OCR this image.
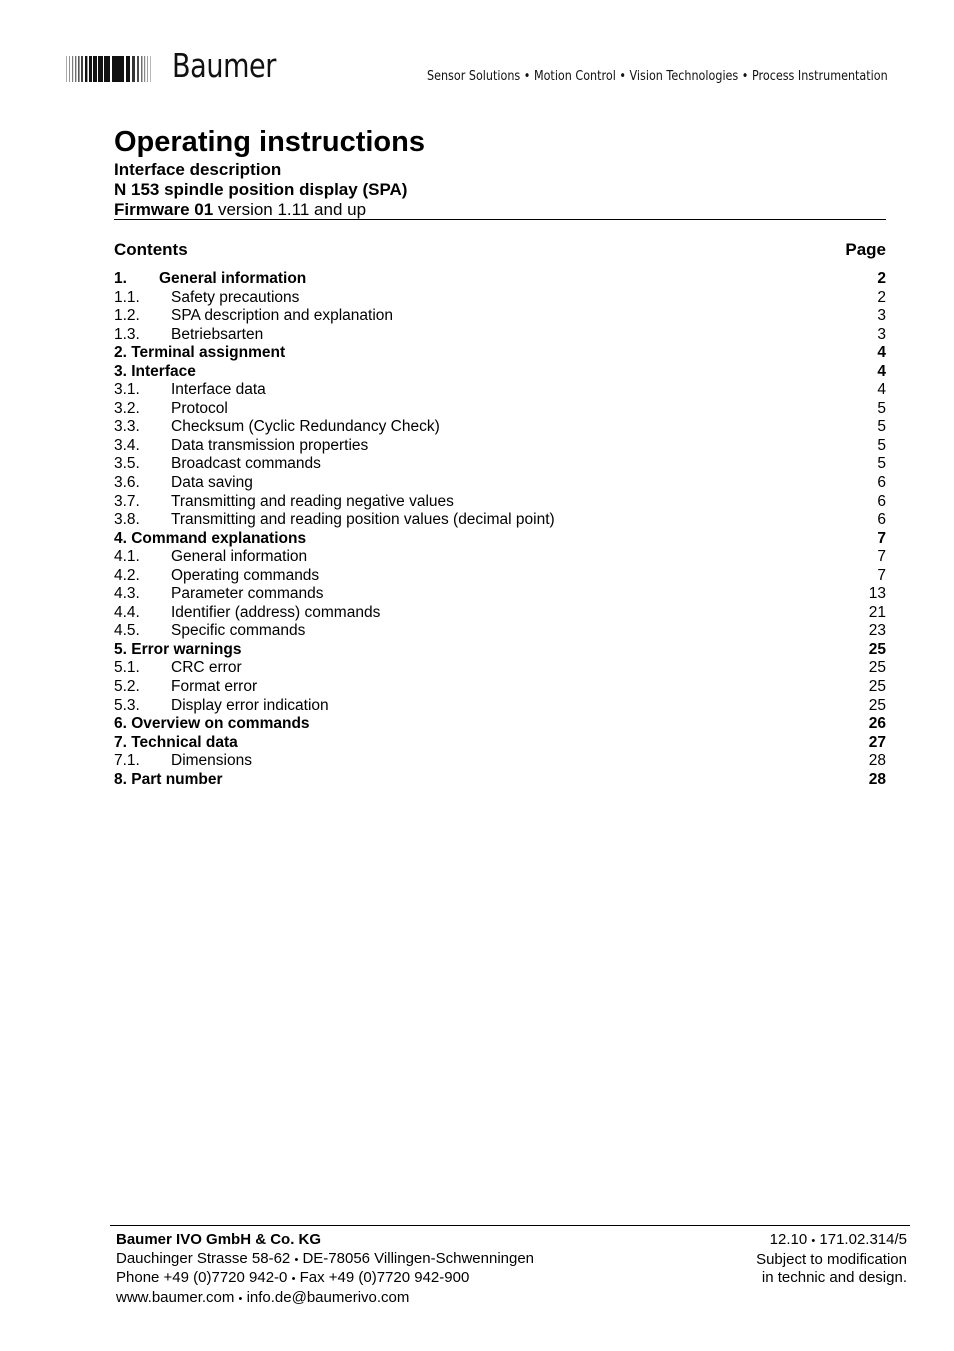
Baumer	Sensor Solutions • Motion Control • Vision Technologies • Process Instrumentation
Operating instructions
Interface description
N 153 spindle position display (SPA)
Firmware 01 version 1.11 and up
Contents	Page
1. General information	2
1.1. Safety precautions	2
1.2. SPA description and explanation	3
1.3. Betriebsarten	3
2. Terminal assignment	4
3. Interface	4
3.1. Interface data	4
3.2. Protocol	5
3.3. Checksum (Cyclic Redundancy Check)	5
3.4. Data transmission properties	5
3.5. Broadcast commands	5
3.6. Data saving	6
3.7. Transmitting and reading negative values	6
3.8. Transmitting and reading position values (decimal point)	6
4. Command explanations	7
4.1. General information	7
4.2. Operating commands	7
4.3. Parameter commands	13
4.4. Identifier (address) commands	21
4.5. Specific commands	23
5. Error warnings	25
5.1. CRC error	25
5.2. Format error	25
5.3. Display error indication	25
6. Overview on commands	26
7. Technical data	27
7.1. Dimensions	28
8. Part number	28
Baumer IVO GmbH & Co. KG
Dauchinger Strasse 58-62 • DE-78056 Villingen-Schwenningen
Phone +49 (0)7720 942-0 • Fax +49 (0)7720 942-900
www.baumer.com • info.de@baumerivo.com
12.10 • 171.02.314/5
Subject to modification
in technic and design.
